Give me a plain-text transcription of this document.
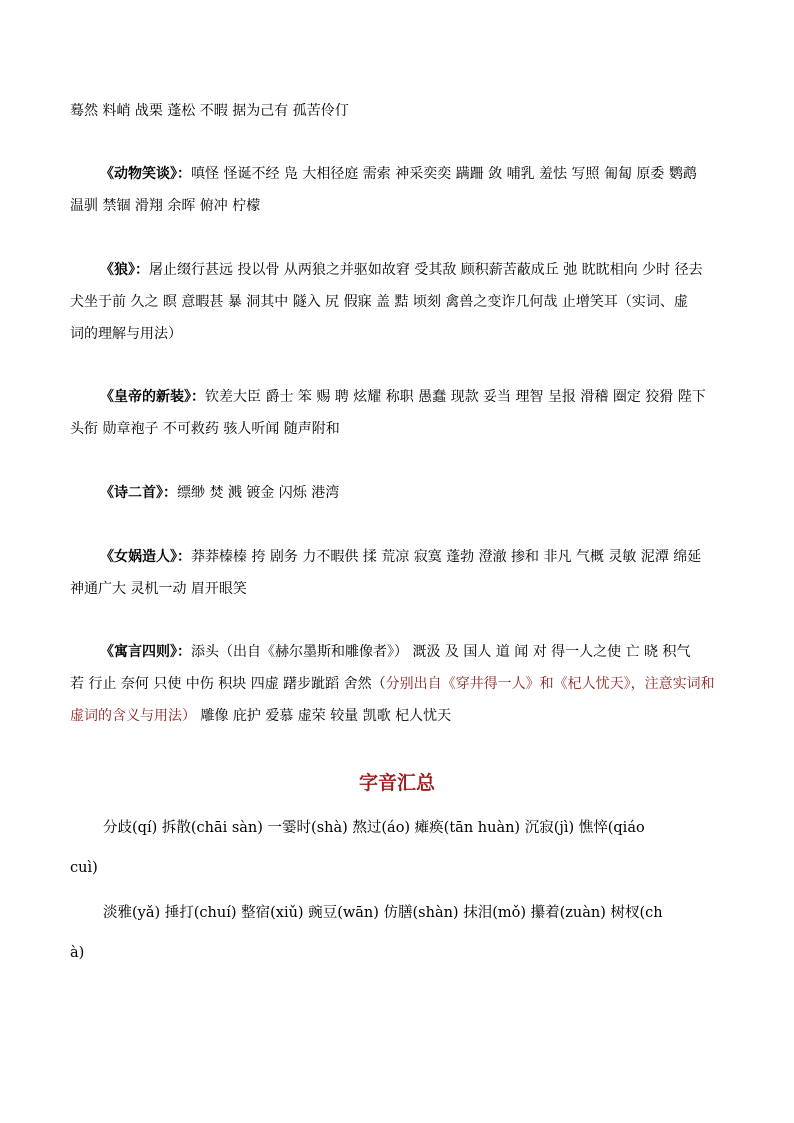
蓦然 料峭 战栗 蓬松 不暇 据为己有 孤苦伶仃
《动物笑谈》：嗔怪 怪诞不经 凫 大相径庭 需索 神采奕奕 蹒跚 敛 哺乳 羞怯 写照 匍匐 原委 鹦鹉
温驯 禁锢 滑翔 余晖 俯冲 柠檬
《狼》：屠止缀行甚远 投以骨 从两狼之并驱如故窘 受其敌 顾积薪苦蔽成丘 弛 眈眈相向 少时 径去
犬坐于前 久之 瞑 意暇甚 暴 洞其中 隧入 尻 假寐 盖 黠 顷刻 禽兽之变诈几何哉 止增笑耳（实词、虚
词的理解与用法）
《皇帝的新装》：钦差大臣 爵士 笨 赐 聘 炫耀 称职 愚蠢 现款 妥当 理智 呈报 滑稽 圈定 狡猾 陛下
头衔 勋章袍子 不可救药 骇人听闻 随声附和
《诗二首》：缥缈 焚 溅 镀金 闪烁 港湾
《女娲造人》：莽莽榛榛 挎 剧务 力不暇供 揉 荒凉 寂寞 蓬勃 澄澈 掺和 非凡 气概 灵敏 泥潭 绵延
神通广大 灵机一动 眉开眼笑
《寓言四则》：添头（出自《赫尔墨斯和雕像者》） 溉汲 及 国人 道 闻 对 得一人之使 亡 晓 积气
若 行止 奈何 只使 中伤 积块 四虚 躇步跐蹈 舍然（分别出自《穿井得一人》和《杞人忧天》，注意实词和
虚词的含义与用法） 雕像 庇护 爱慕 虚荣 较量 凯歌 杞人忧天
字音汇总
分歧(qí) 拆散(chāi sàn) 一霎时(shà) 熬过(áo) 瘫痪(tān huàn) 沉寂(jì) 憔悴(qiáo
cuì)
淡雅(yǎ) 捶打(chuí) 整宿(xiǔ) 豌豆(wān) 仿膳(shàn) 抹泪(mǒ) 攥着(zuàn) 树杈(ch
à)
